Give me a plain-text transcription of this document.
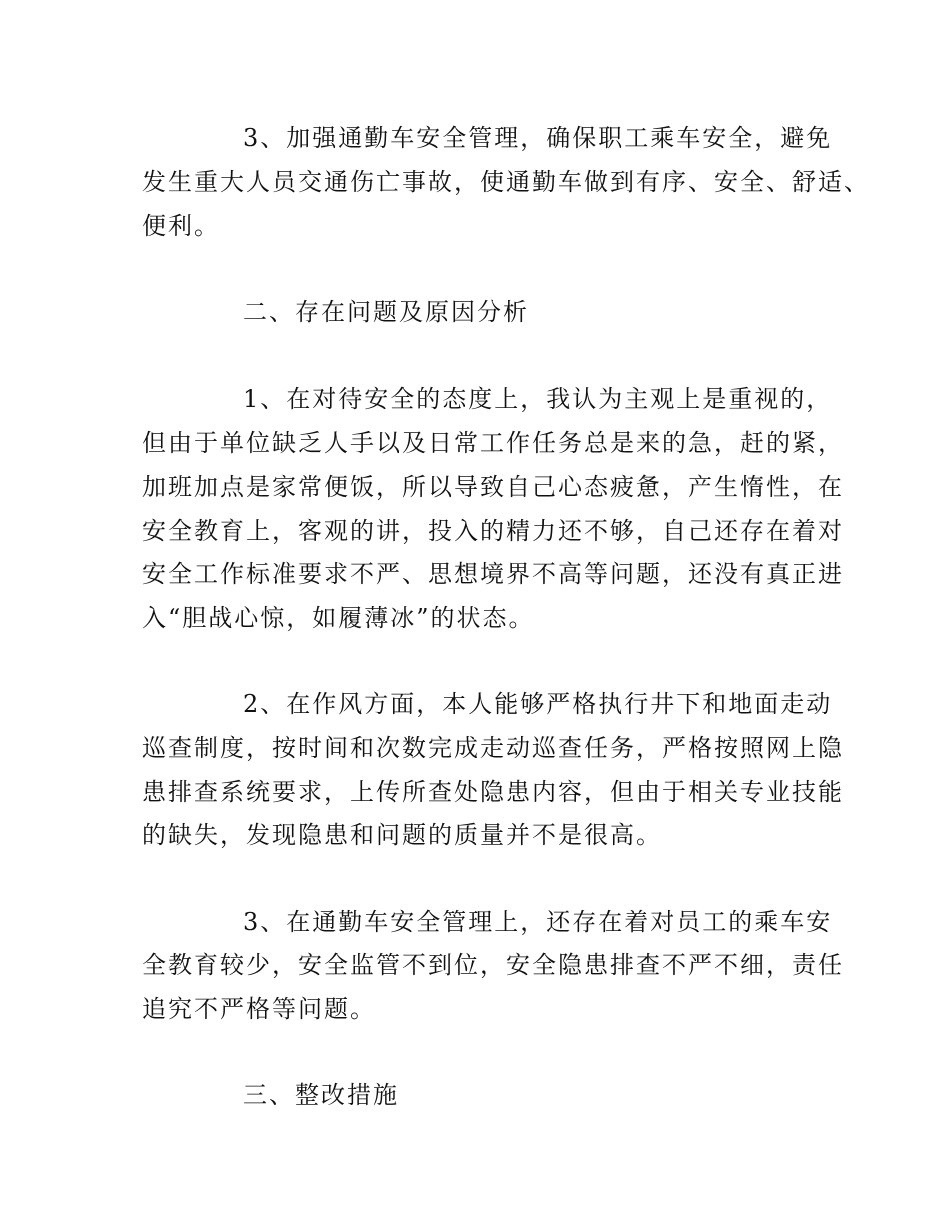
3、加强通勤车安全管理，确保职工乘车安全，避免
发生重大人员交通伤亡事故，使通勤车做到有序、安全、舒适、
便利。
二、存在问题及原因分析
1、在对待安全的态度上，我认为主观上是重视的，
但由于单位缺乏人手以及日常工作任务总是来的急，赶的紧，
加班加点是家常便饭，所以导致自己心态疲惫，产生惰性，在
安全教育上，客观的讲，投入的精力还不够，自己还存在着对
安全工作标准要求不严、思想境界不高等问题，还没有真正进
入“胆战心惊，如履薄冰”的状态。
2、在作风方面，本人能够严格执行井下和地面走动
巡查制度，按时间和次数完成走动巡查任务，严格按照网上隐
患排查系统要求，上传所查处隐患内容，但由于相关专业技能
的缺失，发现隐患和问题的质量并不是很高。
3、在通勤车安全管理上，还存在着对员工的乘车安
全教育较少，安全监管不到位，安全隐患排查不严不细，责任
追究不严格等问题。
三、整改措施
